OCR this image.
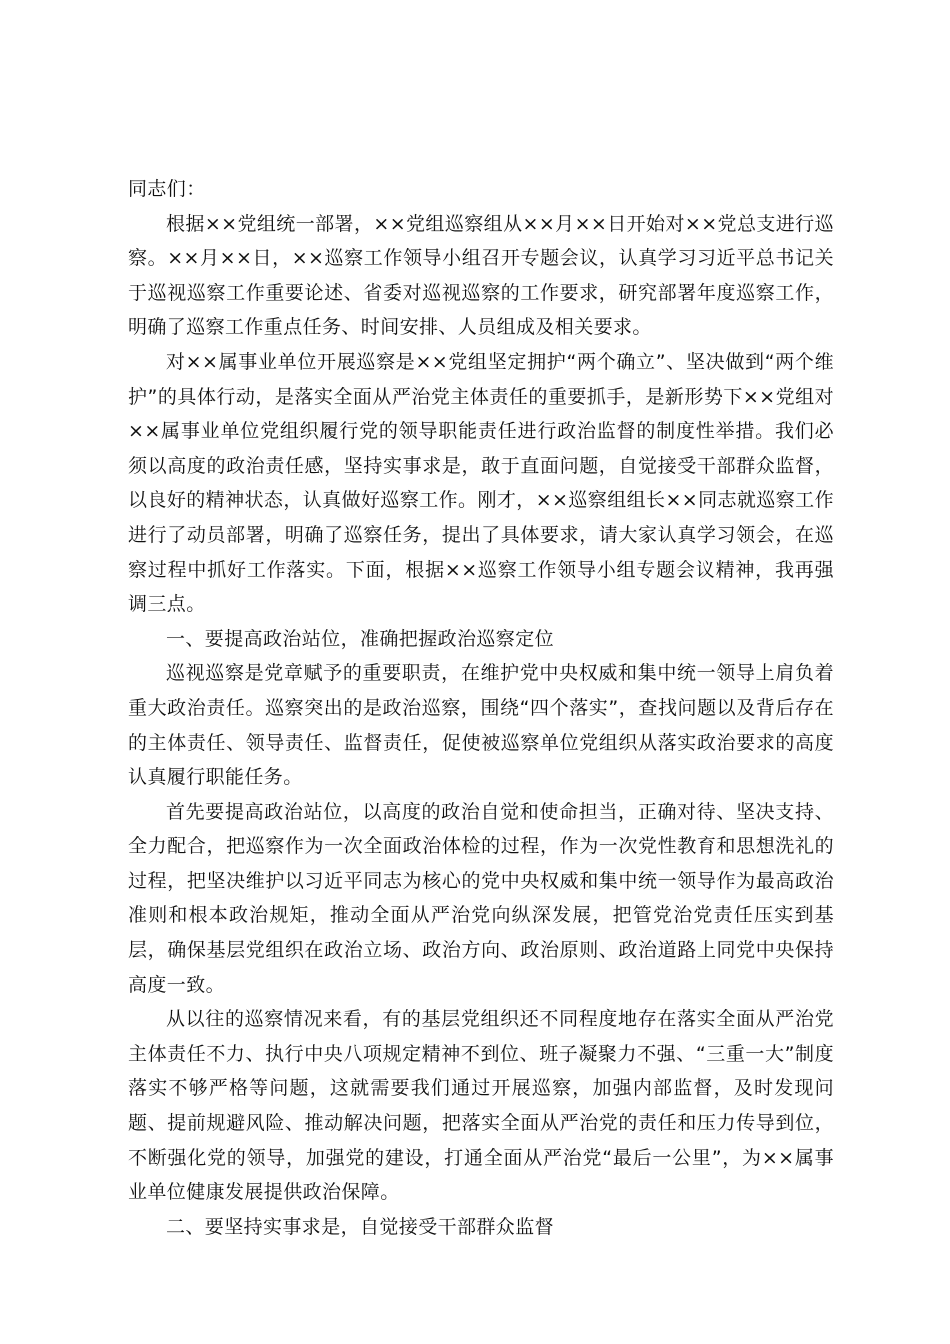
同志们：

根据××党组统一部署，××党组巡察组从××月××日开始对××党总支进行巡察。××月××日，××巡察工作领导小组召开专题会议，认真学习习近平总书记关于巡视巡察工作重要论述、省委对巡视巡察的工作要求，研究部署年度巡察工作，明确了巡察工作重点任务、时间安排、人员组成及相关要求。

对××属事业单位开展巡察是××党组坚定拥护“两个确立”、坚决做到“两个维护”的具体行动，是落实全面从严治党主体责任的重要抓手，是新形势下××党组对××属事业单位党组织履行党的领导职能责任进行政治监督的制度性举措。我们必须以高度的政治责任感，坚持实事求是，敢于直面问题，自觉接受干部群众监督，以良好的精神状态，认真做好巡察工作。刚才，××巡察组组长××同志就巡察工作进行了动员部署，明确了巡察任务，提出了具体要求，请大家认真学习领会，在巡察过程中抓好工作落实。下面，根据××巡察工作领导小组专题会议精神，我再强调三点。

一、要提高政治站位，准确把握政治巡察定位

巡视巡察是党章赋予的重要职责，在维护党中央权威和集中统一领导上肩负着重大政治责任。巡察突出的是政治巡察，围绕“四个落实”，查找问题以及背后存在的主体责任、领导责任、监督责任，促使被巡察单位党组织从落实政治要求的高度认真履行职能任务。

首先要提高政治站位，以高度的政治自觉和使命担当，正确对待、坚决支持、全力配合，把巡察作为一次全面政治体检的过程，作为一次党性教育和思想洗礼的过程，把坚决维护以习近平同志为核心的党中央权威和集中统一领导作为最高政治准则和根本政治规矩，推动全面从严治党向纵深发展，把管党治党责任压实到基层，确保基层党组织在政治立场、政治方向、政治原则、政治道路上同党中央保持高度一致。

从以往的巡察情况来看，有的基层党组织还不同程度地存在落实全面从严治党主体责任不力、执行中央八项规定精神不到位、班子凝聚力不强、“三重一大”制度落实不够严格等问题，这就需要我们通过开展巡察，加强内部监督，及时发现问题、提前规避风险、推动解决问题，把落实全面从严治党的责任和压力传导到位，不断强化党的领导，加强党的建设，打通全面从严治党“最后一公里”，为××属事业单位健康发展提供政治保障。

二、要坚持实事求是，自觉接受干部群众监督
